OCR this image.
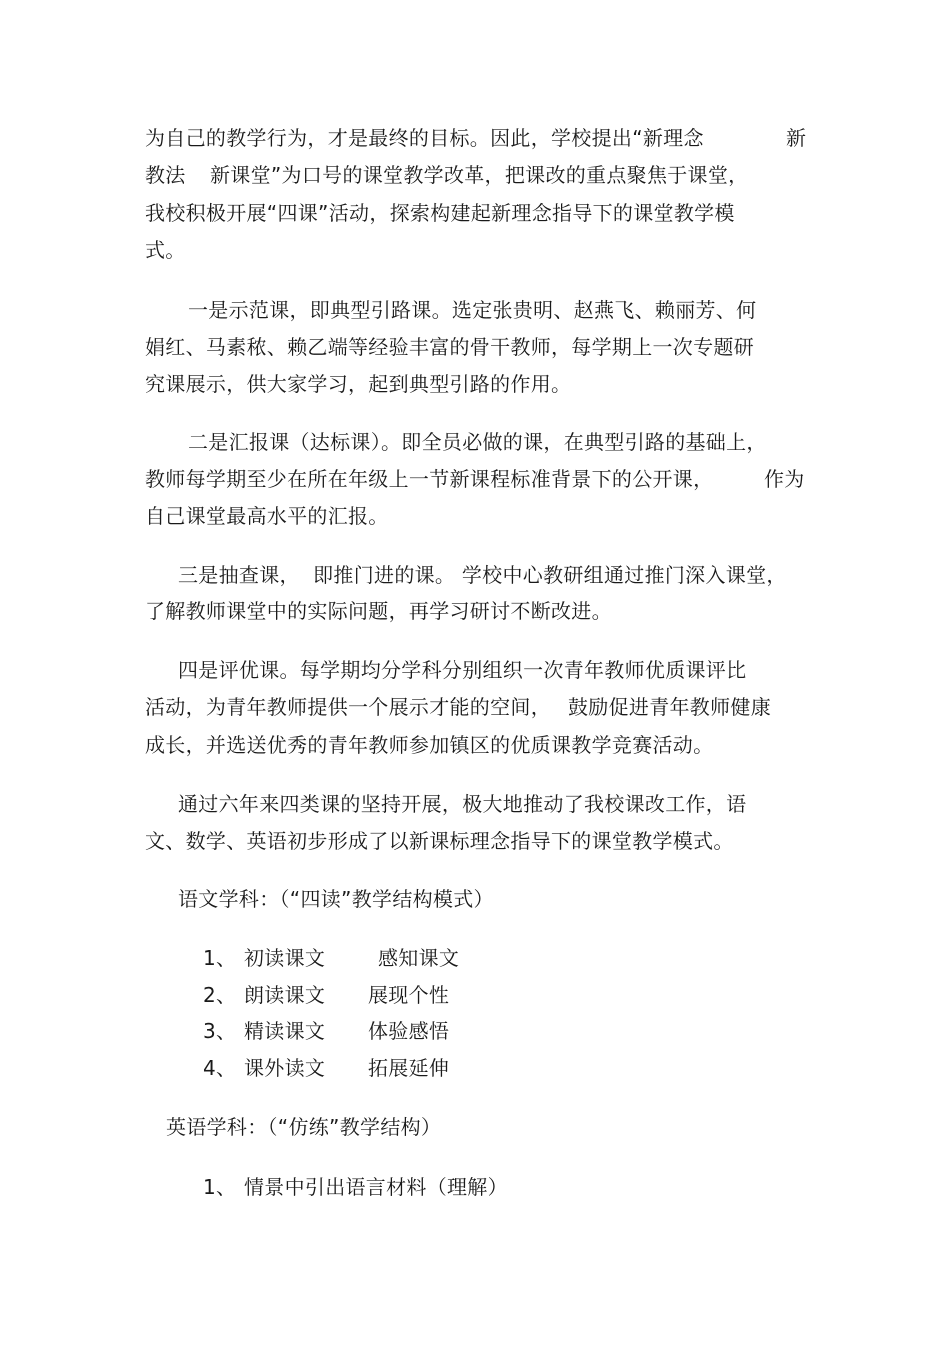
为自己的教学行为，才是最终的目标。因此，学校提出“新理念	新
教法 新课堂”为口号的课堂教学改革，把课改的重点聚焦于课堂，
我校积极开展“四课”活动，探索构建起新理念指导下的课堂教学模
式。
一是示范课，即典型引路课。选定张贵明、赵燕飞、赖丽芳、何
娟红、马素秾、赖乙端等经验丰富的骨干教师，每学期上一次专题研
究课展示，供大家学习，起到典型引路的作用。
二是汇报课（达标课）。即全员必做的课，在典型引路的基础上，
教师每学期至少在所在年级上一节新课程标准背景下的公开课，	作为
自己课堂最高水平的汇报。
三是抽查课，  即推门进的课。 学校中心教研组通过推门深入课堂，
了解教师课堂中的实际问题，再学习研讨不断改进。
四是评优课。每学期均分学科分别组织一次青年教师优质课评比
活动，为青年教师提供一个展示才能的空间， 鼓励促进青年教师健康
成长，并选送优秀的青年教师参加镇区的优质课教学竞赛活动。
通过六年来四类课的坚持开展，极大地推动了我校课改工作，语
文、数学、英语初步形成了以新课标理念指导下的课堂教学模式。
语文学科：（“四读”教学结构模式）
1、 初读课文	感知课文
2、 朗读课文 展现个性
3、 精读课文 体验感悟
4、 课外读文 拓展延伸
英语学科：（“仿练”教学结构）
1、 情景中引出语言材料（理解）
